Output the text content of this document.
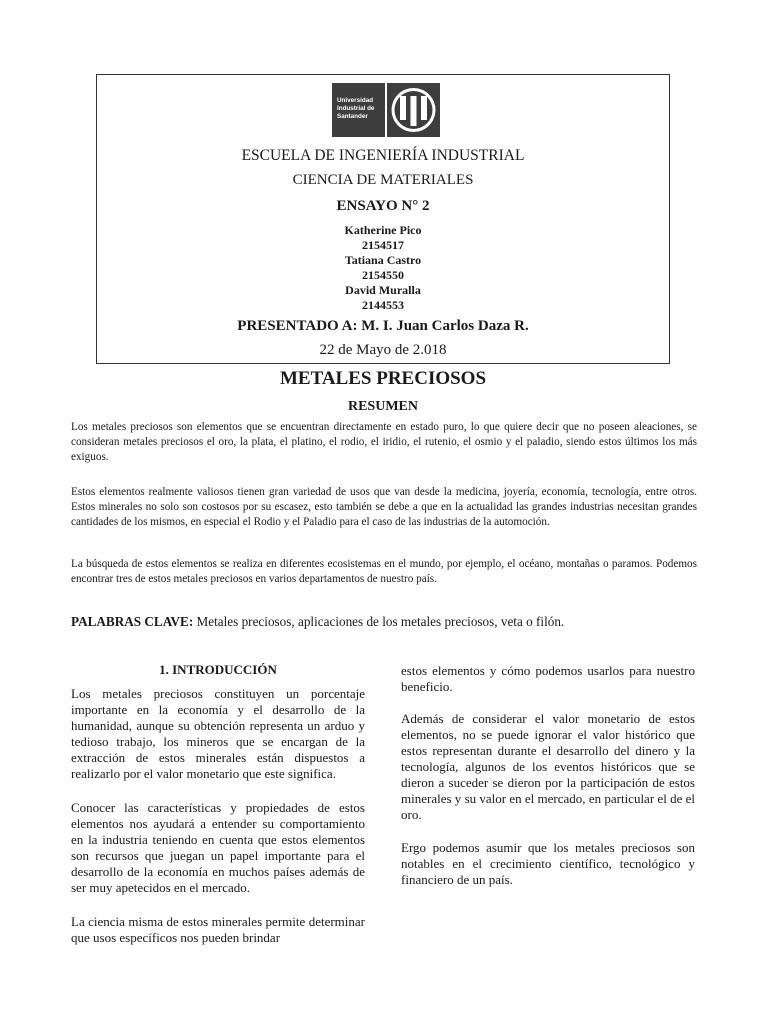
Universidad
Industrial de
Santander
ESCUELA DE INGENIERÍA INDUSTRIAL
CIENCIA DE MATERIALES
ENSAYO N° 2
Katherine Pico
2154517
Tatiana Castro
2154550
David Muralla
2144553
PRESENTADO A: M. I. Juan Carlos Daza R.
22 de Mayo de 2.018
METALES PRECIOSOS
RESUMEN
Los metales preciosos son elementos que se encuentran directamente en estado puro, lo que quiere decir que no poseen aleaciones, se consideran metales preciosos el oro, la plata, el platino, el rodio, el iridio, el rutenio, el osmio y el paladio, siendo estos últimos los más exiguos.
Estos elementos realmente valiosos tienen gran variedad de usos que van desde la medicina, joyería, economía, tecnología, entre otros. Estos minerales no solo son costosos por su escasez, esto también se debe a que en la actualidad las grandes industrias necesitan grandes cantidades de los mismos, en especial el Rodio y el Paladio para el caso de las industrias de la automoción.
La búsqueda de estos elementos se realiza en diferentes ecosistemas en el mundo, por ejemplo, el océano, montañas o paramos. Podemos encontrar tres de estos metales preciosos en varios departamentos de nuestro país.
PALABRAS CLAVE: Metales preciosos, aplicaciones de los metales preciosos, veta o filón.
1. INTRODUCCIÓN
Los metales preciosos constituyen un porcentaje importante en la economía y el desarrollo de la humanidad, aunque su obtención representa un arduo y tedioso trabajo, los mineros que se encargan de la extracción de estos minerales están dispuestos a realizarlo por el valor monetario que este significa.
Conocer las características y propiedades de estos elementos nos ayudará a entender su comportamiento en la industria teniendo en cuenta que estos elementos son recursos que juegan un papel importante para el desarrollo de la economía en muchos países además de ser muy apetecidos en el mercado.
La ciencia misma de estos minerales permite determinar que usos específicos nos pueden brindar
estos elementos y cómo podemos usarlos para nuestro beneficio.
Además de considerar el valor monetario de estos elementos, no se puede ignorar el valor histórico que estos representan durante el desarrollo del dinero y la tecnología, algunos de los eventos históricos que se dieron a suceder se dieron por la participación de estos minerales y su valor en el mercado, en particular el de el oro.
Ergo podemos asumir que los metales preciosos son notables en el crecimiento científico, tecnológico y financiero de un país.
